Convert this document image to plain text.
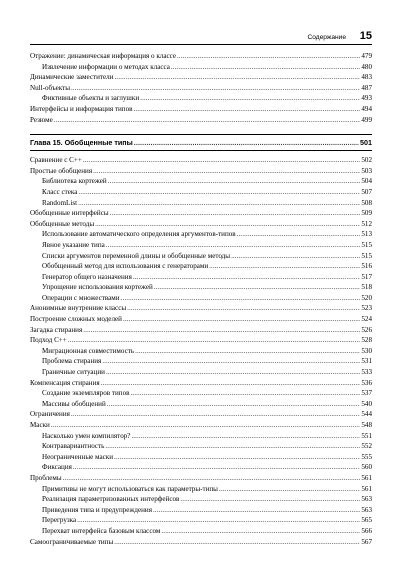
Содержание 15
Отражение: динамическая информация о классе .....	479
Извлечение информации о методах класса .....	480
Динамические заместители .....	483
Null-объекты .....	487
Фиктивные объекты и заглушки .....	493
Интерфейсы и информация типов .....	494
Резюме .....	499
Глава 15. Обобщенные типы .....	501
Сравнение с C++ .....	502
Простые обобщения .....	503
Библиотека кортежей .....	504
Класс стека .....	507
RandomList .....	508
Обобщенные интерфейсы .....	509
Обобщенные методы .....	512
Использование автоматического определения аргументов-типов .....	513
Явное указание типа .....	515
Списки аргументов переменной длины и обобщенные методы .....	515
Обобщенный метод для использования с генераторами .....	516
Генератор общего назначения .....	517
Упрощение использования кортежей .....	518
Операции с множествами .....	520
Анонимные внутренние классы .....	523
Построение сложных моделей .....	524
Загадка стирания .....	526
Подход C++ .....	528
Миграционная совместимость .....	530
Проблема стирания .....	531
Граничные ситуации .....	533
Компенсация стирания .....	536
Создание экземпляров типов .....	537
Массивы обобщений .....	540
Ограничения .....	544
Маски .....	548
Насколько умен компилятор? .....	551
Контравариантность .....	552
Неограниченные маски .....	555
Фиксация .....	560
Проблемы .....	561
Примитивы не могут использоваться как параметры-типы .....	561
Реализация параметризованных интерфейсов .....	563
Приведения типа и предупреждения .....	563
Перегрузка .....	565
Перехват интерфейса базовым классом .....	566
Самоограничиваемые типы .....	567
